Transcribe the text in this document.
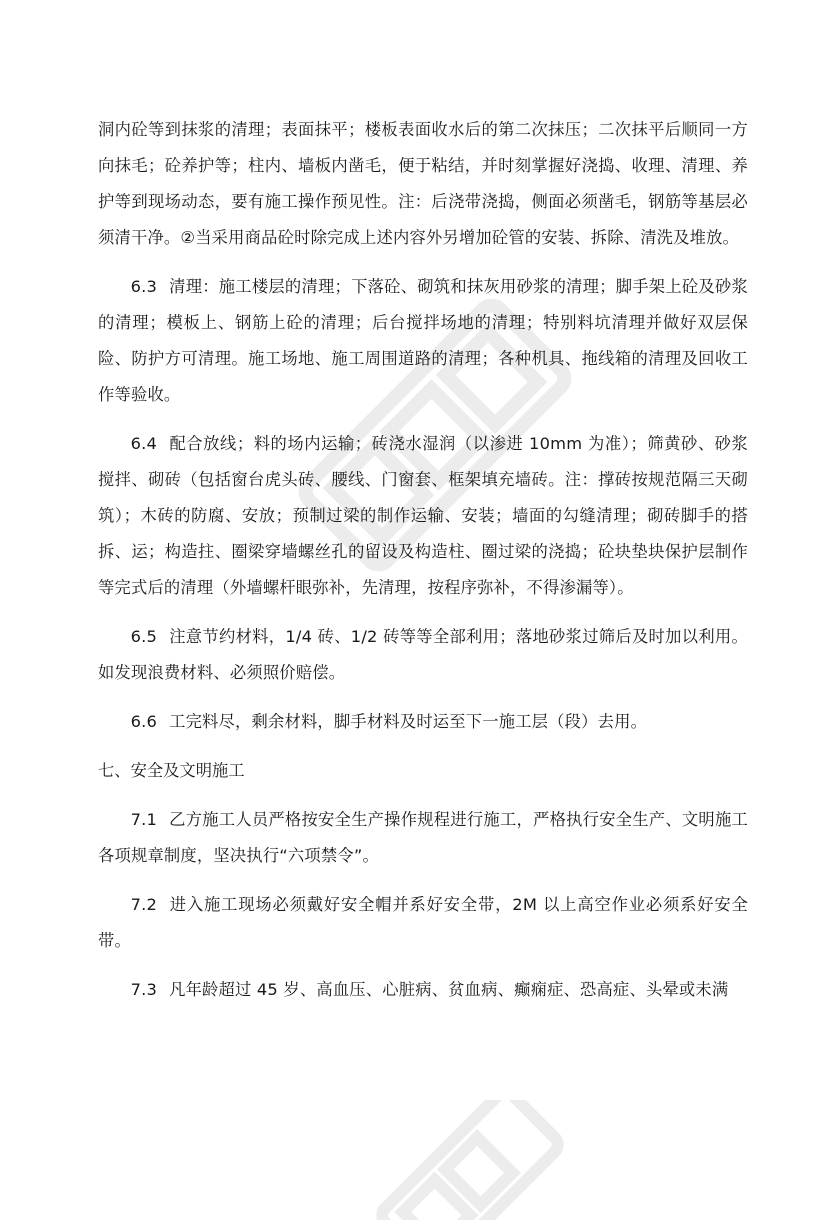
洞内砼等到抹浆的清理；表面抹平；楼板表面收水后的第二次抹压；二次抹平后顺同一方向抹毛；砼养护等；柱内、墙板内凿毛，便于粘结，并时刻掌握好浇捣、收理、清理、养护等到现场动态，要有施工操作预见性。注：后浇带浇捣，侧面必须凿毛，钢筋等基层必须清干净。②当采用商品砼时除完成上述内容外另增加砼管的安装、拆除、清洗及堆放。

6.3 清理：施工楼层的清理；下落砼、砌筑和抹灰用砂浆的清理；脚手架上砼及砂浆的清理；模板上、钢筋上砼的清理；后台搅拌场地的清理；特别料坑清理并做好双层保险、防护方可清理。施工场地、施工周围道路的清理；各种机具、拖线箱的清理及回收工作等验收。

6.4 配合放线；料的场内运输；砖浇水湿润（以渗进 10mm 为准）；筛黄砂、砂浆搅拌、砌砖（包括窗台虎头砖、腰线、门窗套、框架填充墙砖。注：撑砖按规范隔三天砌筑）；木砖的防腐、安放；预制过梁的制作运输、安装；墙面的勾缝清理；砌砖脚手的搭拆、运；构造拄、圈梁穿墙螺丝孔的留设及构造柱、圈过梁的浇捣；砼块垫块保护层制作等完式后的清理（外墙螺杆眼弥补，先清理，按程序弥补，不得渗漏等）。

6.5 注意节约材料，1/4 砖、1/2 砖等等全部利用；落地砂浆过筛后及时加以利用。如发现浪费材料、必须照价赔偿。

6.6 工完料尽，剩余材料，脚手材料及时运至下一施工层（段）去用。

七、安全及文明施工

7.1 乙方施工人员严格按安全生产操作规程进行施工，严格执行安全生产、文明施工各项规章制度，坚决执行“六项禁令”。

7.2 进入施工现场必须戴好安全帽并系好安全带，2M 以上高空作业必须系好安全带。

7.3 凡年龄超过 45 岁、高血压、心脏病、贫血病、癫痫症、恐高症、头晕或未满
